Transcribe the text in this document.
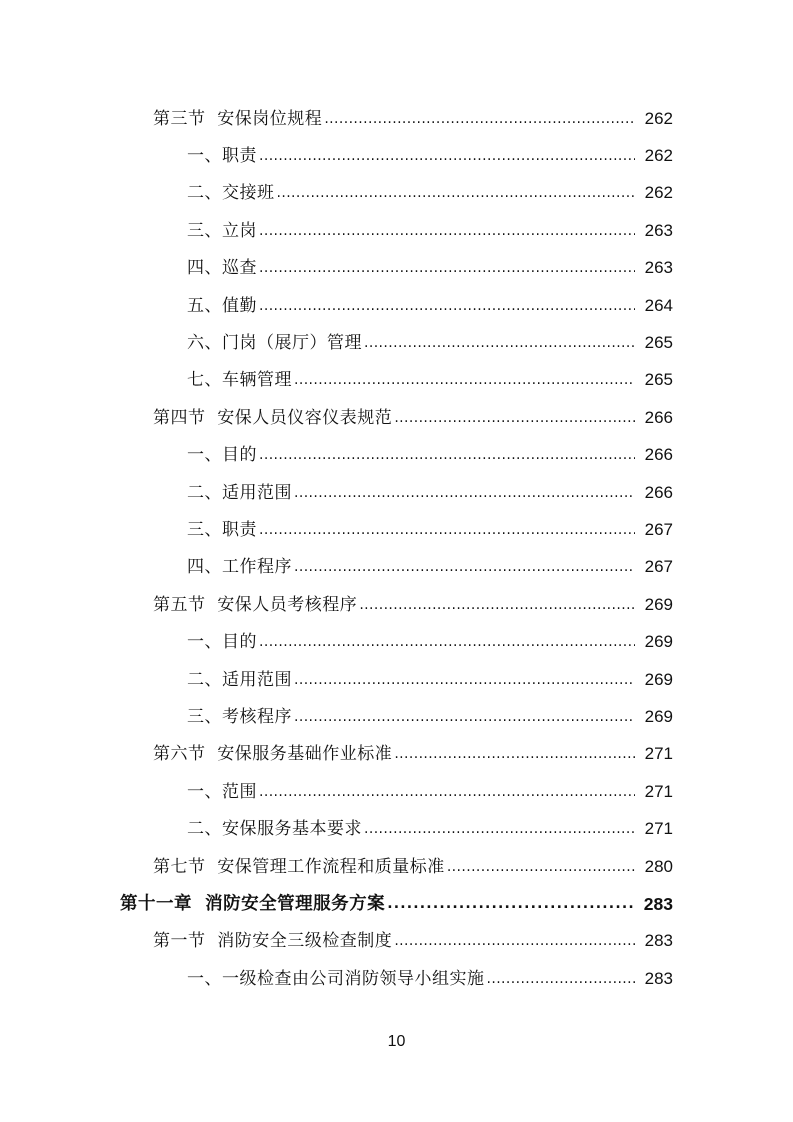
第三节  安保岗位规程 .....	262
一、职责 .....	262
二、交接班 .....	262
三、立岗 .....	263
四、巡查 .....	263
五、值勤 .....	264
六、门岗（展厅）管理 .....	265
七、车辆管理 .....	265
第四节  安保人员仪容仪表规范 .....	266
一、目的 .....	266
二、适用范围 .....	266
三、职责 .....	267
四、工作程序 .....	267
第五节  安保人员考核程序 .....	269
一、目的 .....	269
二、适用范围 .....	269
三、考核程序 .....	269
第六节  安保服务基础作业标准 .....	271
一、范围 .....	271
二、安保服务基本要求 .....	271
第七节  安保管理工作流程和质量标准 .....	280
第十一章  消防安全管理服务方案 .....	283
第一节  消防安全三级检查制度 .....	283
一、一级检查由公司消防领导小组实施 .....	283
10
